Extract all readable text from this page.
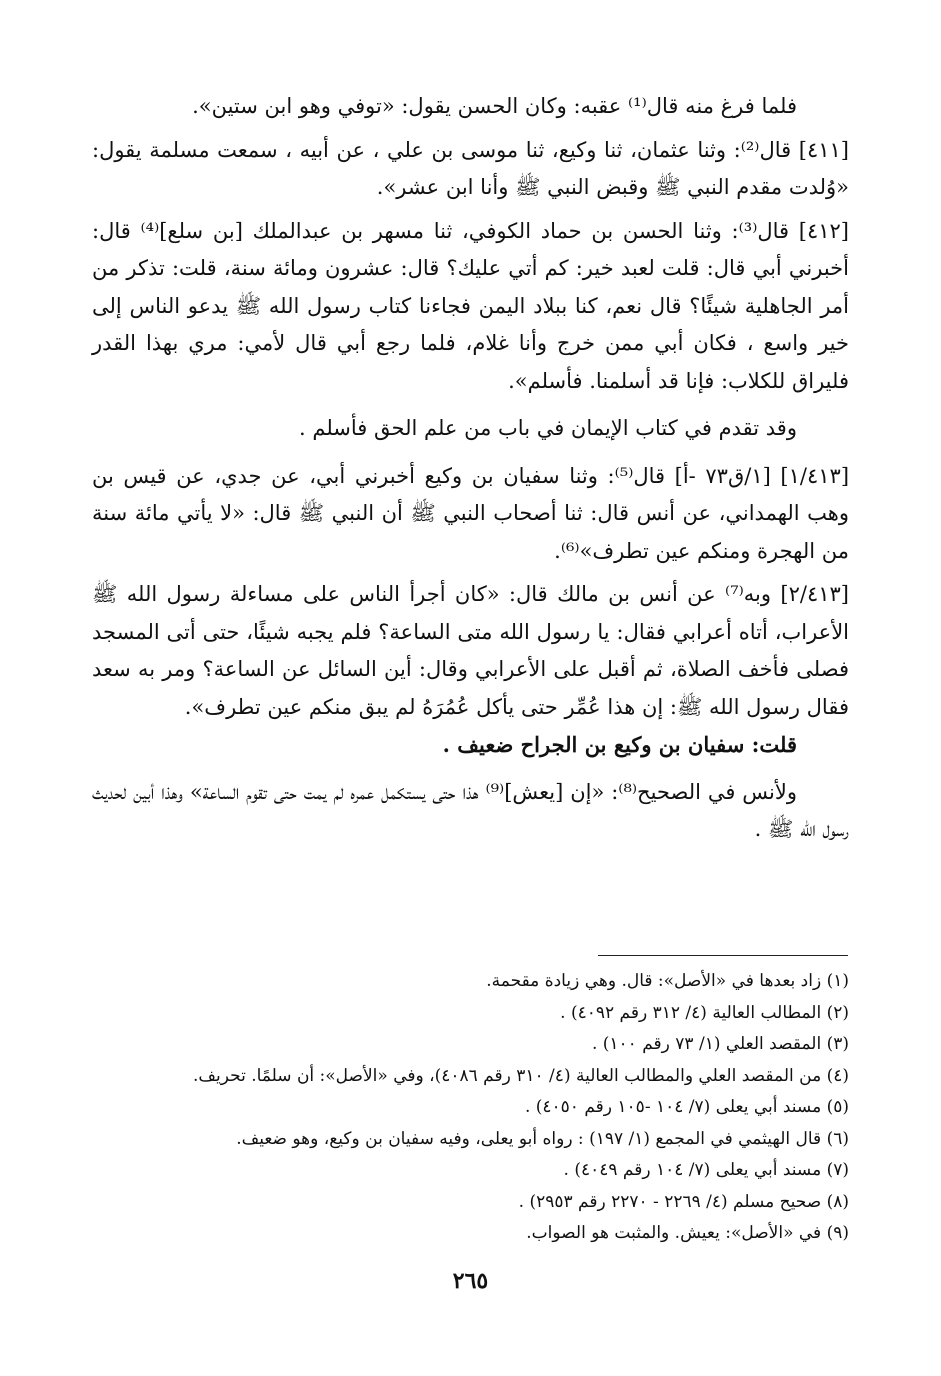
فلما فرغ منه قال⁽¹⁾ عقبه: وكان الحسن يقول: «توفي وهو ابن ستين».

[٤١١] قال⁽²⁾: وثنا عثمان، ثنا وكيع، ثنا موسى بن علي ، عن أبيه ، سمعت مسلمة يقول: «وُلدت مقدم النبي ﷺ وقبض النبي ﷺ وأنا ابن عشر».

[٤١٢] قال⁽³⁾: وثنا الحسن بن حماد الكوفي، ثنا مسهر بن عبدالملك [بن سلع]⁽⁴⁾ قال: أخبرني أبي قال: قلت لعبد خير: كم أتي عليك؟ قال: عشرون ومائة سنة، قلت: تذكر من أمر الجاهلية شيئًا؟ قال نعم، كنا ببلاد اليمن فجاءنا كتاب رسول الله ﷺ يدعو الناس إلى خير واسع ، فكان أبي ممن خرج وأنا غلام، فلما رجع أبي قال لأمي: مري بهذا القدر فليراق للكلاب: فإنا قد أسلمنا. فأسلم».

وقد تقدم في كتاب الإيمان في باب من علم الحق فأسلم .

[١/٤١٣] [١/ق٧٣ -أ] قال⁽⁵⁾: وثنا سفيان بن وكيع أخبرني أبي، عن جدي، عن قيس بن وهب الهمداني، عن أنس قال: ثنا أصحاب النبي ﷺ أن النبي ﷺ قال: «لا يأتي مائة سنة من الهجرة ومنكم عين تطرف»⁽⁶⁾.

[٢/٤١٣] وبه⁽⁷⁾ عن أنس بن مالك قال: «كان أجرأ الناس على مساءلة رسول الله ﷺ الأعراب، أتاه أعرابي فقال: يا رسول الله متى الساعة؟ فلم يجبه شيئًا، حتى أتى المسجد فصلى فأخف الصلاة، ثم أقبل على الأعرابي وقال: أين السائل عن الساعة؟ ومر به سعد فقال رسول الله ﷺ: إن هذا عُمِّر حتى يأكل عُمُرَهُ لم يبق منكم عين تطرف».

قلت: سفيان بن وكيع بن الجراح ضعيف .

ولأنس في الصحيح⁽⁸⁾: «إن [يعش]⁽⁹⁾ هذا حتى يستكمل عمره لم يمت حتى تقوم الساعة» وهذا أبين لحديث رسول الله ﷺ .

(١) زاد بعدها في «الأصل»: قال. وهي زيادة مقحمة.

(٢) المطالب العالية (٤/ ٣١٢ رقم ٤٠٩٢) .

(٣) المقصد العلي (١/ ٧٣ رقم ١٠٠) .

(٤) من المقصد العلي والمطالب العالية (٤/ ٣١٠ رقم ٤٠٨٦)، وفي «الأصل»: أن سلمًا. تحريف.

(٥) مسند أبي يعلى (٧/ ١٠٤ -١٠٥ رقم ٤٠٥٠) .

(٦) قال الهيثمي في المجمع (١/ ١٩٧) : رواه أبو يعلى، وفيه سفيان بن وكيع، وهو ضعيف.

(٧) مسند أبي يعلى (٧/ ١٠٤ رقم ٤٠٤٩) .

(٨) صحيح مسلم (٤/ ٢٢٦٩ - ٢٢٧٠ رقم ٢٩٥٣) .

(٩) في «الأصل»: يعيش. والمثبت هو الصواب.

٢٦٥
